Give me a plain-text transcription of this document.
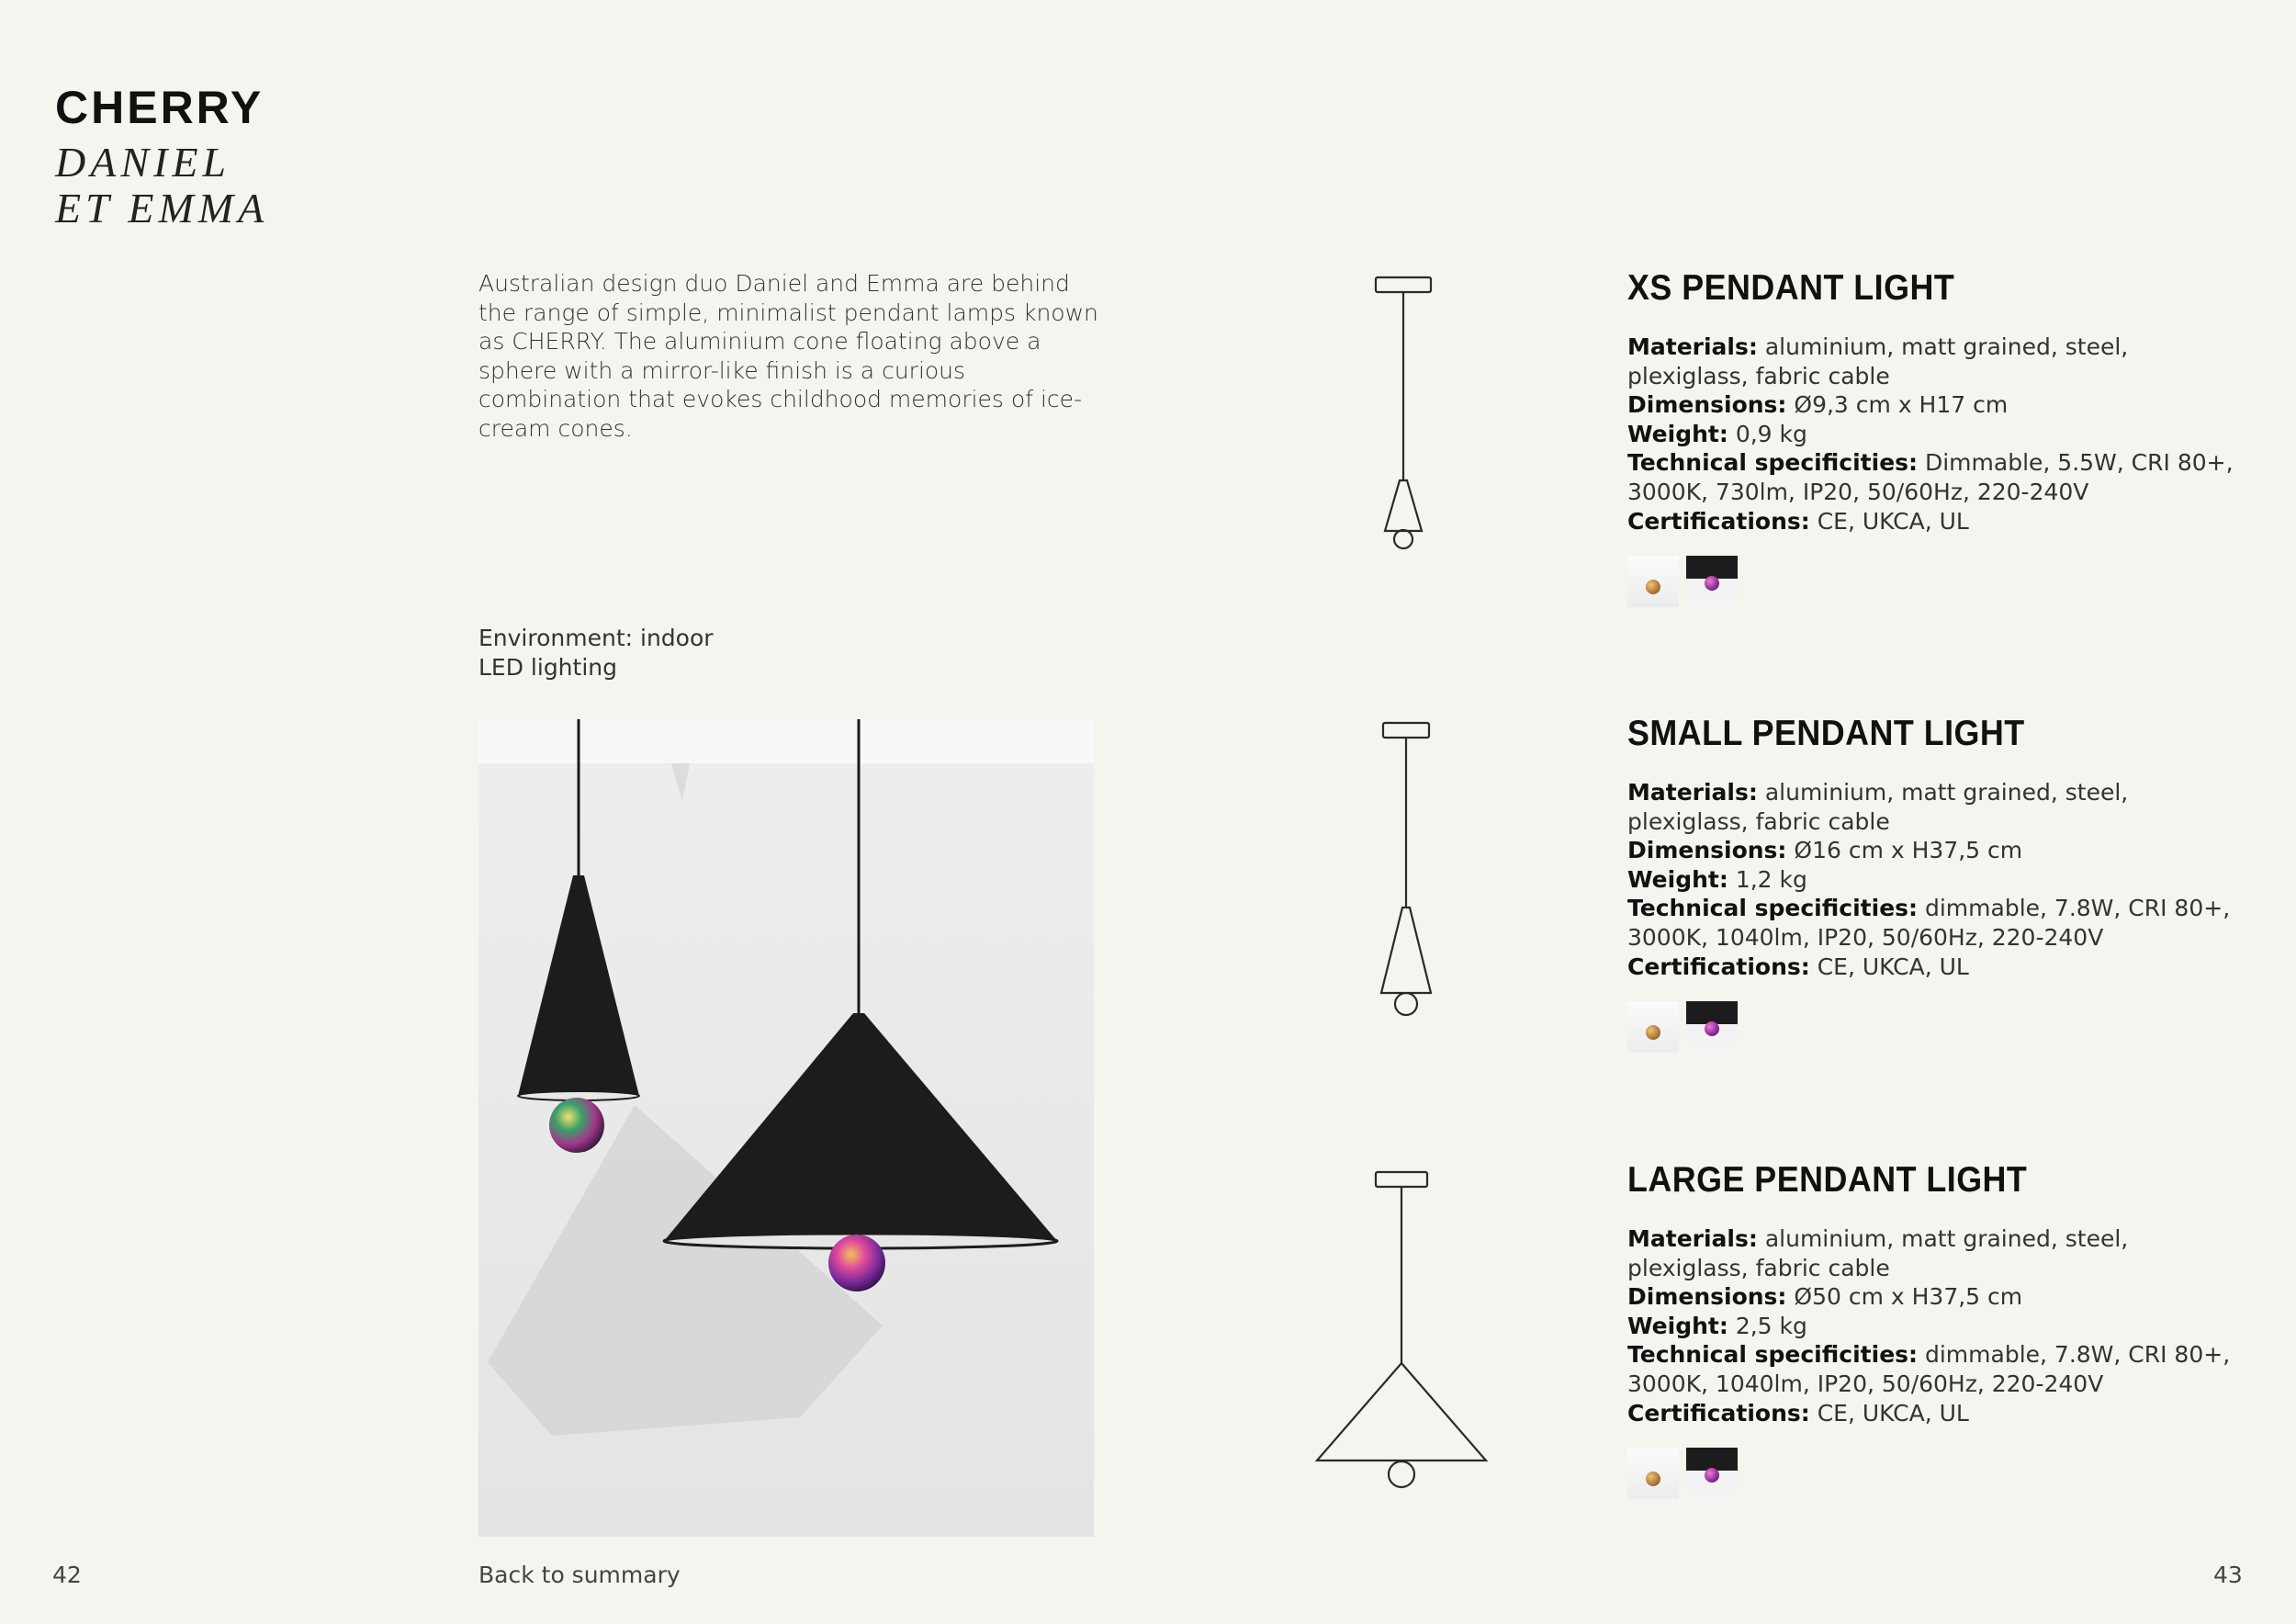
CHERRY
DANIEL
ET EMMA
Australian design duo Daniel and Emma are behind the range of simple, minimalist pendant lamps known as CHERRY. The aluminium cone floating above a sphere with a mirror-like finish is a curious combination that evokes childhood memories of ice-cream cones.
Environment: indoor
LED lighting
XS PENDANT LIGHT
Materials: aluminium, matt grained, steel, plexiglass, fabric cable
Dimensions: Ø9,3 cm x H17 cm
Weight: 0,9 kg
Technical specificities: Dimmable, 5.5W, CRI 80+, 3000K, 730lm, IP20, 50/60Hz, 220-240V
Certifications: CE, UKCA, UL
SMALL PENDANT LIGHT
Materials: aluminium, matt grained, steel, plexiglass, fabric cable
Dimensions: Ø16 cm x H37,5 cm
Weight: 1,2 kg
Technical specificities: dimmable, 7.8W, CRI 80+, 3000K, 1040lm, IP20, 50/60Hz, 220-240V
Certifications: CE, UKCA, UL
LARGE PENDANT LIGHT
Materials: aluminium, matt grained, steel, plexiglass, fabric cable
Dimensions: Ø50 cm x H37,5 cm
Weight: 2,5 kg
Technical specificities: dimmable, 7.8W, CRI 80+, 3000K, 1040lm, IP20, 50/60Hz, 220-240V
Certifications: CE, UKCA, UL
42	Back to summary	43
